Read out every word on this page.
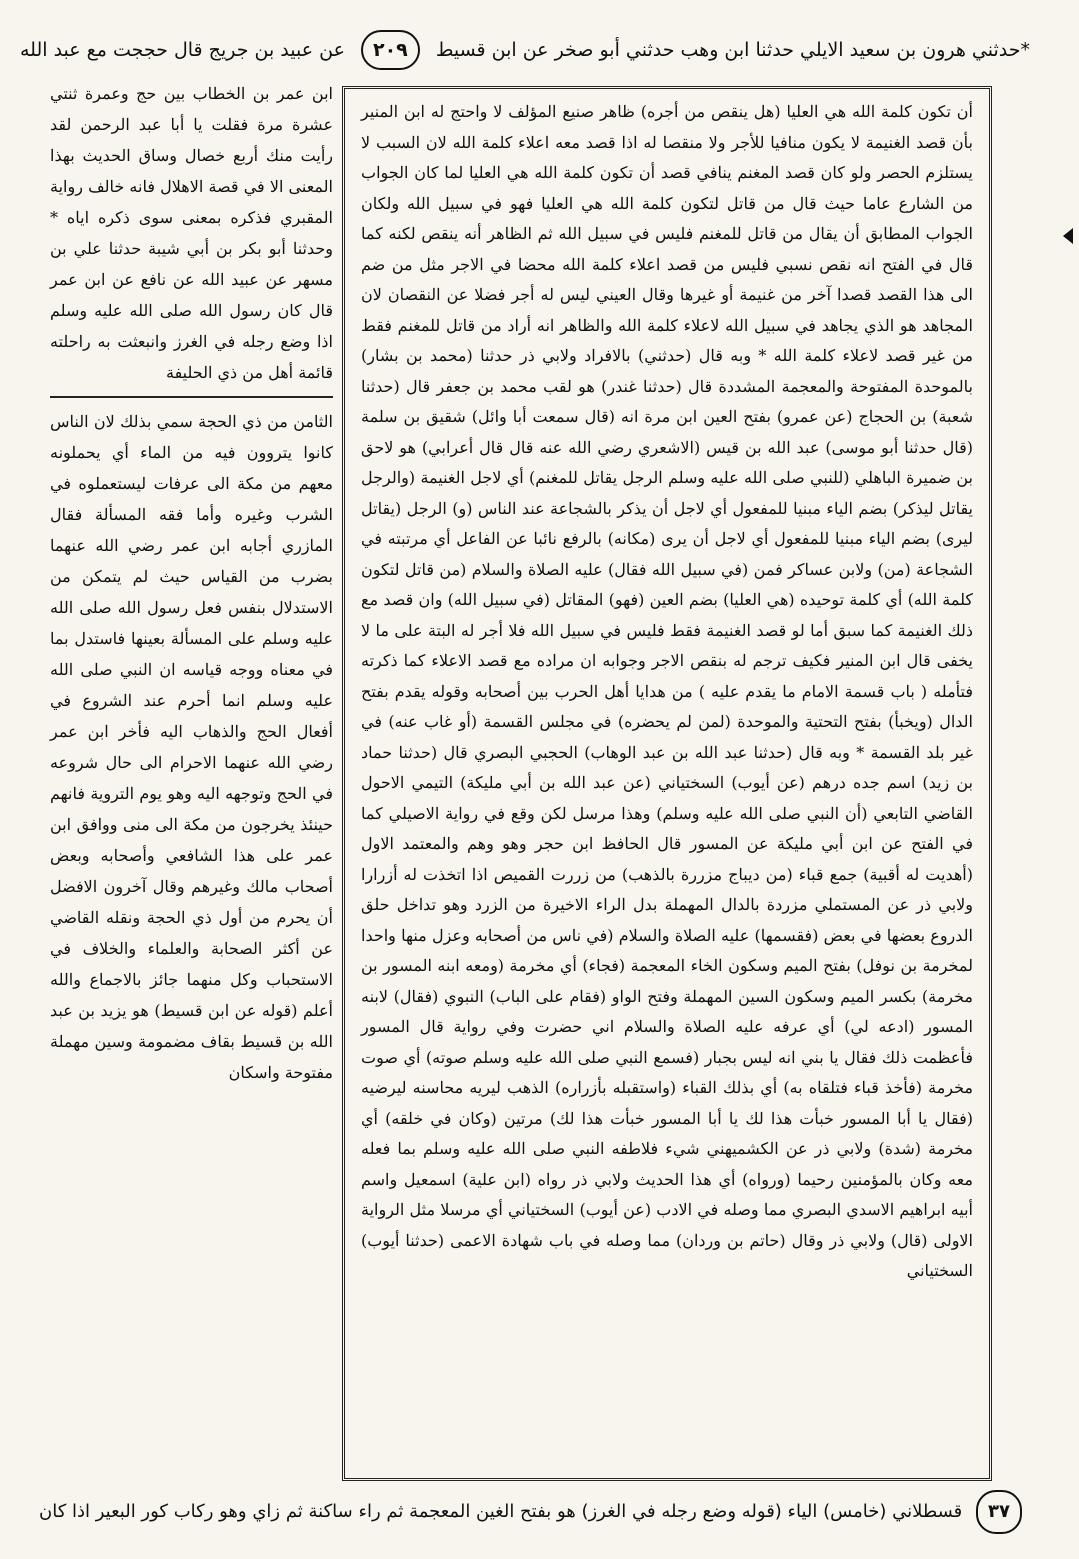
*حدثني هرون بن سعيد الايلي حدثنا ابن وهب حدثني أبو صخر عن ابن قسيط ٢٠٩ عن عبيد بن جريج قال حججت مع عبد الله

أن تكون كلمة الله هي العليا (هل ينقص من أجره) ظاهر صنيع المؤلف لا واحتج له ابن المنير بأن قصد الغنيمة لا يكون منافيا للأجر ولا منقصا له اذا قصد معه اعلاء كلمة الله لان السبب لا يستلزم الحصر ولو كان قصد المغنم ينافي قصد أن تكون كلمة الله هي العليا لما كان الجواب من الشارع عاما حيث قال من قاتل لتكون كلمة الله هي العليا فهو في سبيل الله ولكان الجواب المطابق أن يقال من قاتل للمغنم فليس في سبيل الله ثم الظاهر أنه ينقص لكنه كما قال في الفتح انه نقص نسبي فليس من قصد اعلاء كلمة الله محضا في الاجر مثل من ضم الى هذا القصد قصدا آخر من غنيمة أو غيرها وقال العيني ليس له أجر فضلا عن النقصان لان المجاهد هو الذي يجاهد في سبيل الله لاعلاء كلمة الله والظاهر انه أراد من قاتل للمغنم فقط من غير قصد لاعلاء كلمة الله * وبه قال (حدثني) بالافراد ولابي ذر حدثنا (محمد بن بشار) بالموحدة المفتوحة والمعجمة المشددة قال (حدثنا غندر) هو لقب محمد بن جعفر قال (حدثنا شعبة) بن الحجاج (عن عمرو) بفتح العين ابن مرة انه (قال سمعت أبا وائل) شقيق بن سلمة (قال حدثنا أبو موسى) عبد الله بن قيس (الاشعري رضي الله عنه قال قال أعرابي) هو لاحق بن ضميرة الباهلي (للنبي صلى الله عليه وسلم الرجل يقاتل للمغنم) أي لاجل الغنيمة (والرجل يقاتل ليذكر) بضم الياء مبنيا للمفعول أي لاجل أن يذكر بالشجاعة عند الناس (و) الرجل (يقاتل ليرى) بضم الياء مبنيا للمفعول أي لاجل أن يرى (مكانه) بالرفع نائبا عن الفاعل أي مرتبته في الشجاعة (من) ولابن عساكر فمن (في سبيل الله فقال) عليه الصلاة والسلام (من قاتل لتكون كلمة الله) أي كلمة توحيده (هي العليا) بضم العين (فهو) المقاتل (في سبيل الله) وان قصد مع ذلك الغنيمة كما سبق أما لو قصد الغنيمة فقط فليس في سبيل الله فلا أجر له البتة على ما لا يخفى قال ابن المنير فكيف ترجم له بنقص الاجر وجوابه ان مراده مع قصد الاعلاء كما ذكرته فتأمله ( باب قسمة الامام ما يقدم عليه ) من هدايا أهل الحرب بين أصحابه وقوله يقدم بفتح الدال (ويخبأ) بفتح التحتية والموحدة (لمن لم يحضره) في مجلس القسمة (أو غاب عنه) في غير بلد القسمة * وبه قال (حدثنا عبد الله بن عبد الوهاب) الحجبي البصري قال (حدثنا حماد بن زيد) اسم جده درهم (عن أيوب) السختياني (عن عبد الله بن أبي مليكة) التيمي الاحول القاضي التابعي (أن النبي صلى الله عليه وسلم) وهذا مرسل لكن وقع في رواية الاصيلي كما في الفتح عن ابن أبي مليكة عن المسور قال الحافظ ابن حجر وهو وهم والمعتمد الاول (أهديت له أقبية) جمع قباء (من ديباج مزررة بالذهب) من زررت القميص اذا اتخذت له أزرارا ولابي ذر عن المستملي مزردة بالدال المهملة بدل الراء الاخيرة من الزرد وهو تداخل حلق الدروع بعضها في بعض (فقسمها) عليه الصلاة والسلام (في ناس من أصحابه وعزل منها واحدا لمخرمة بن نوفل) بفتح الميم وسكون الخاء المعجمة (فجاء) أي مخرمة (ومعه ابنه المسور بن مخرمة) بكسر الميم وسكون السين المهملة وفتح الواو (فقام على الباب) النبوي (فقال) لابنه المسور (ادعه لي) أي عرفه عليه الصلاة والسلام اني حضرت وفي رواية قال المسور فأعظمت ذلك فقال يا بني انه ليس بجبار (فسمع النبي صلى الله عليه وسلم صوته) أي صوت مخرمة (فأخذ قباء فتلقاه به) أي بذلك القباء (واستقبله بأزراره) الذهب ليريه محاسنه ليرضيه (فقال يا أبا المسور خبأت هذا لك يا أبا المسور خبأت هذا لك) مرتين (وكان في خلقه) أي مخرمة (شدة) ولابي ذر عن الكشميهني شيء فلاطفه النبي صلى الله عليه وسلم بما فعله معه وكان بالمؤمنين رحيما (ورواه) أي هذا الحديث ولابي ذر رواه (ابن علية) اسمعيل واسم أبيه ابراهيم الاسدي البصري مما وصله في الادب (عن أيوب) السختياني أي مرسلا مثل الرواية الاولى (قال) ولابي ذر وقال (حاتم بن وردان) مما وصله في باب شهادة الاعمى (حدثنا أيوب) السختياني

ابن عمر بن الخطاب بين حج وعمرة ثنتي عشرة مرة فقلت يا أبا عبد الرحمن لقد رأيت منك أربع خصال وساق الحديث بهذا المعنى الا في قصة الاهلال فانه خالف رواية المقبري فذكره بمعنى سوى ذكره اياه * وحدثنا أبو بكر بن أبي شيبة حدثنا علي بن مسهر عن عبيد الله عن نافع عن ابن عمر قال كان رسول الله صلى الله عليه وسلم اذا وضع رجله في الغرز وانبعثت به راحلته قائمة أهل من ذي الحليفة

الثامن من ذي الحجة سمي بذلك لان الناس كانوا يتروون فيه من الماء أي يحملونه معهم من مكة الى عرفات ليستعملوه في الشرب وغيره وأما فقه المسألة فقال المازري أجابه ابن عمر رضي الله عنهما بضرب من القياس حيث لم يتمكن من الاستدلال بنفس فعل رسول الله صلى الله عليه وسلم على المسألة بعينها فاستدل بما في معناه ووجه قياسه ان النبي صلى الله عليه وسلم انما أحرم عند الشروع في أفعال الحج والذهاب اليه فأخر ابن عمر رضي الله عنهما الاحرام الى حال شروعه في الحج وتوجهه اليه وهو يوم التروية فانهم حينئذ يخرجون من مكة الى منى ووافق ابن عمر على هذا الشافعي وأصحابه وبعض أصحاب مالك وغيرهم وقال آخرون الافضل أن يحرم من أول ذي الحجة ونقله القاضي عن أكثر الصحابة والعلماء والخلاف في الاستحباب وكل منهما جائز بالاجماع والله أعلم (قوله عن ابن قسيط) هو يزيد بن عبد الله بن قسيط بقاف مضمومة وسين مهملة مفتوحة واسكان

٣٧ قسطلاني (خامس) الياء (قوله وضع رجله في الغرز) هو بفتح الغين المعجمة ثم راء ساكنة ثم زاي وهو ركاب كور البعير اذا كان
